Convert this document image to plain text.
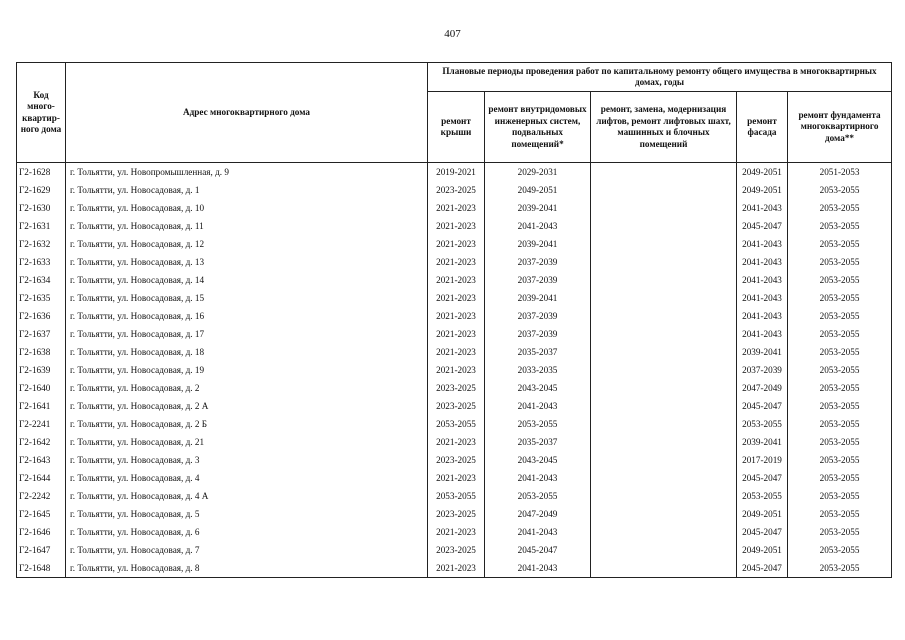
407
Код много-квартир-ного дома	Адрес многоквартирного дома	Плановые периоды проведения работ по капитальному ремонту общего имущества в многоквартирных домах, годы				
		ремонт крыши	ремонт внутридомовых инженерных систем, подвальных помещений*	ремонт, замена, модернизация лифтов, ремонт лифтовых шахт, машинных и блочных помещений	ремонт фасада	ремонт фундамента многоквартирного дома**
Г2-1628	г. Тольятти, ул. Новопромышленная, д. 9	2019-2021	2029-2031		2049-2051	2051-2053
Г2-1629	г. Тольятти, ул. Новосадовая, д. 1	2023-2025	2049-2051		2049-2051	2053-2055
Г2-1630	г. Тольятти, ул. Новосадовая, д. 10	2021-2023	2039-2041		2041-2043	2053-2055
Г2-1631	г. Тольятти, ул. Новосадовая, д. 11	2021-2023	2041-2043		2045-2047	2053-2055
Г2-1632	г. Тольятти, ул. Новосадовая, д. 12	2021-2023	2039-2041		2041-2043	2053-2055
Г2-1633	г. Тольятти, ул. Новосадовая, д. 13	2021-2023	2037-2039		2041-2043	2053-2055
Г2-1634	г. Тольятти, ул. Новосадовая, д. 14	2021-2023	2037-2039		2041-2043	2053-2055
Г2-1635	г. Тольятти, ул. Новосадовая, д. 15	2021-2023	2039-2041		2041-2043	2053-2055
Г2-1636	г. Тольятти, ул. Новосадовая, д. 16	2021-2023	2037-2039		2041-2043	2053-2055
Г2-1637	г. Тольятти, ул. Новосадовая, д. 17	2021-2023	2037-2039		2041-2043	2053-2055
Г2-1638	г. Тольятти, ул. Новосадовая, д. 18	2021-2023	2035-2037		2039-2041	2053-2055
Г2-1639	г. Тольятти, ул. Новосадовая, д. 19	2021-2023	2033-2035		2037-2039	2053-2055
Г2-1640	г. Тольятти, ул. Новосадовая, д. 2	2023-2025	2043-2045		2047-2049	2053-2055
Г2-1641	г. Тольятти, ул. Новосадовая, д. 2 А	2023-2025	2041-2043		2045-2047	2053-2055
Г2-2241	г. Тольятти, ул. Новосадовая, д. 2 Б	2053-2055	2053-2055		2053-2055	2053-2055
Г2-1642	г. Тольятти, ул. Новосадовая, д. 21	2021-2023	2035-2037		2039-2041	2053-2055
Г2-1643	г. Тольятти, ул. Новосадовая, д. 3	2023-2025	2043-2045		2017-2019	2053-2055
Г2-1644	г. Тольятти, ул. Новосадовая, д. 4	2021-2023	2041-2043		2045-2047	2053-2055
Г2-2242	г. Тольятти, ул. Новосадовая, д. 4 А	2053-2055	2053-2055		2053-2055	2053-2055
Г2-1645	г. Тольятти, ул. Новосадовая, д. 5	2023-2025	2047-2049		2049-2051	2053-2055
Г2-1646	г. Тольятти, ул. Новосадовая, д. 6	2021-2023	2041-2043		2045-2047	2053-2055
Г2-1647	г. Тольятти, ул. Новосадовая, д. 7	2023-2025	2045-2047		2049-2051	2053-2055
Г2-1648	г. Тольятти, ул. Новосадовая, д. 8	2021-2023	2041-2043		2045-2047	2053-2055
